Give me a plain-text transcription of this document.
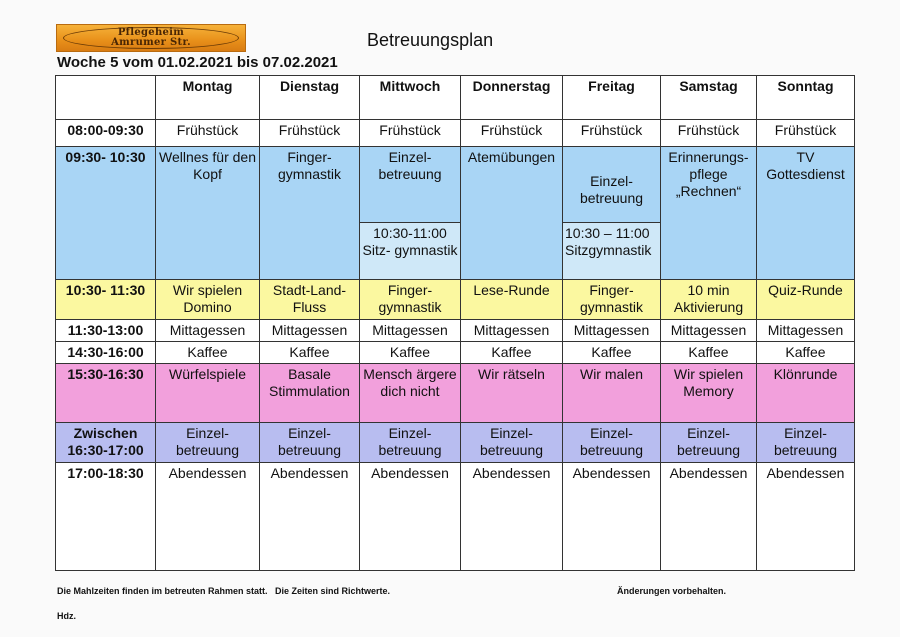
Pflegeheim
Amrumer Str.	Betreuungsplan
Woche 5 vom 01.02.2021 bis 07.02.2021
	Montag	Dienstag	Mittwoch	Donnerstag	Freitag	Samstag	Sonntag
08:00-09:30	Frühstück	Frühstück	Frühstück	Frühstück	Frühstück	Frühstück	Frühstück
09:30- 10:30	Wellnes für den Kopf	Finger- gymnastik	Einzel- betreuung	Atemübungen	Einzel- betreuung	Erinnerungs- pflege „Rechnen“	TV Gottesdienst
			10:30-11:00 Sitz- gymnastik		10:30 – 11:00 Sitzgymnastik		
10:30- 11:30	Wir spielen Domino	Stadt-Land- Fluss	Finger- gymnastik	Lese-Runde	Finger- gymnastik	10 min Aktivierung	Quiz-Runde
11:30-13:00	Mittagessen	Mittagessen	Mittagessen	Mittagessen	Mittagessen	Mittagessen	Mittagessen
14:30-16:00	Kaffee	Kaffee	Kaffee	Kaffee	Kaffee	Kaffee	Kaffee
15:30-16:30	Würfelspiele	Basale Stimmulation	Mensch ärgere dich nicht	Wir rätseln	Wir malen	Wir spielen Memory	Klönrunde
Zwischen 16:30-17:00	Einzel- betreuung	Einzel- betreuung	Einzel- betreuung	Einzel- betreuung	Einzel- betreuung	Einzel- betreuung	Einzel- betreuung
17:00-18:30	Abendessen	Abendessen	Abendessen	Abendessen	Abendessen	Abendessen	Abendessen
Die Mahlzeiten finden im betreuten Rahmen statt.   Die Zeiten sind Richtwerte.	Änderungen vorbehalten.
Hdz.
